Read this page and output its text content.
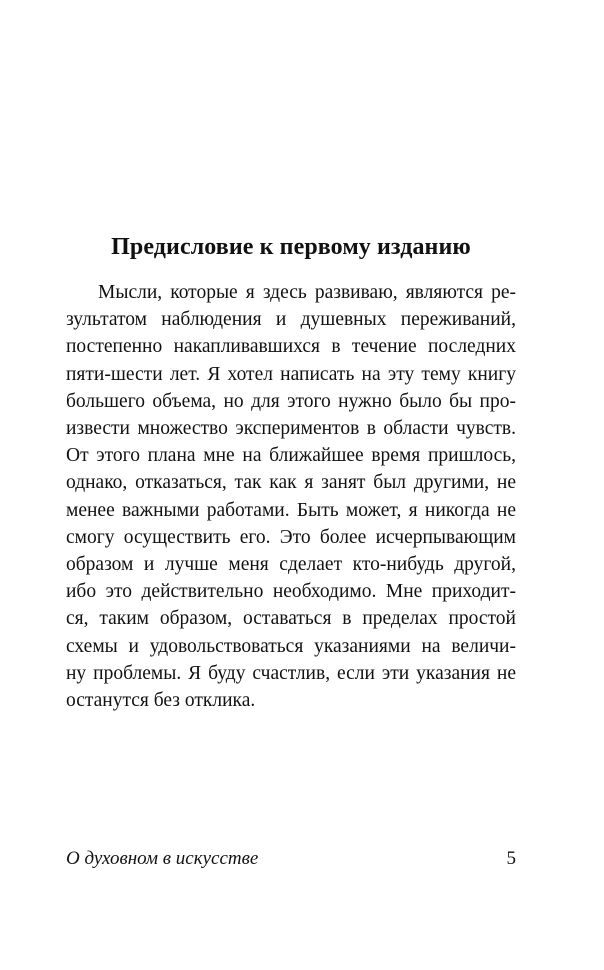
Предисловие к первому изданию
Мысли, которые я здесь развиваю, являются ре-
зультатом наблюдения и душевных переживаний,
постепенно накапливавшихся в течение последних
пяти-шести лет. Я хотел написать на эту тему книгу
большего объема, но для этого нужно было бы про-
извести множество экспериментов в области чувств.
От этого плана мне на ближайшее время пришлось,
однако, отказаться, так как я занят был другими, не
менее важными работами. Быть может, я никогда не
смогу осуществить его. Это более исчерпывающим
образом и лучше меня сделает кто-нибудь другой,
ибо это действительно необходимо. Мне приходит-
ся, таким образом, оставаться в пределах простой
схемы и удовольствоваться указаниями на величи-
ну проблемы. Я буду счастлив, если эти указания не
останутся без отклика.
О духовном в искусстве	5
